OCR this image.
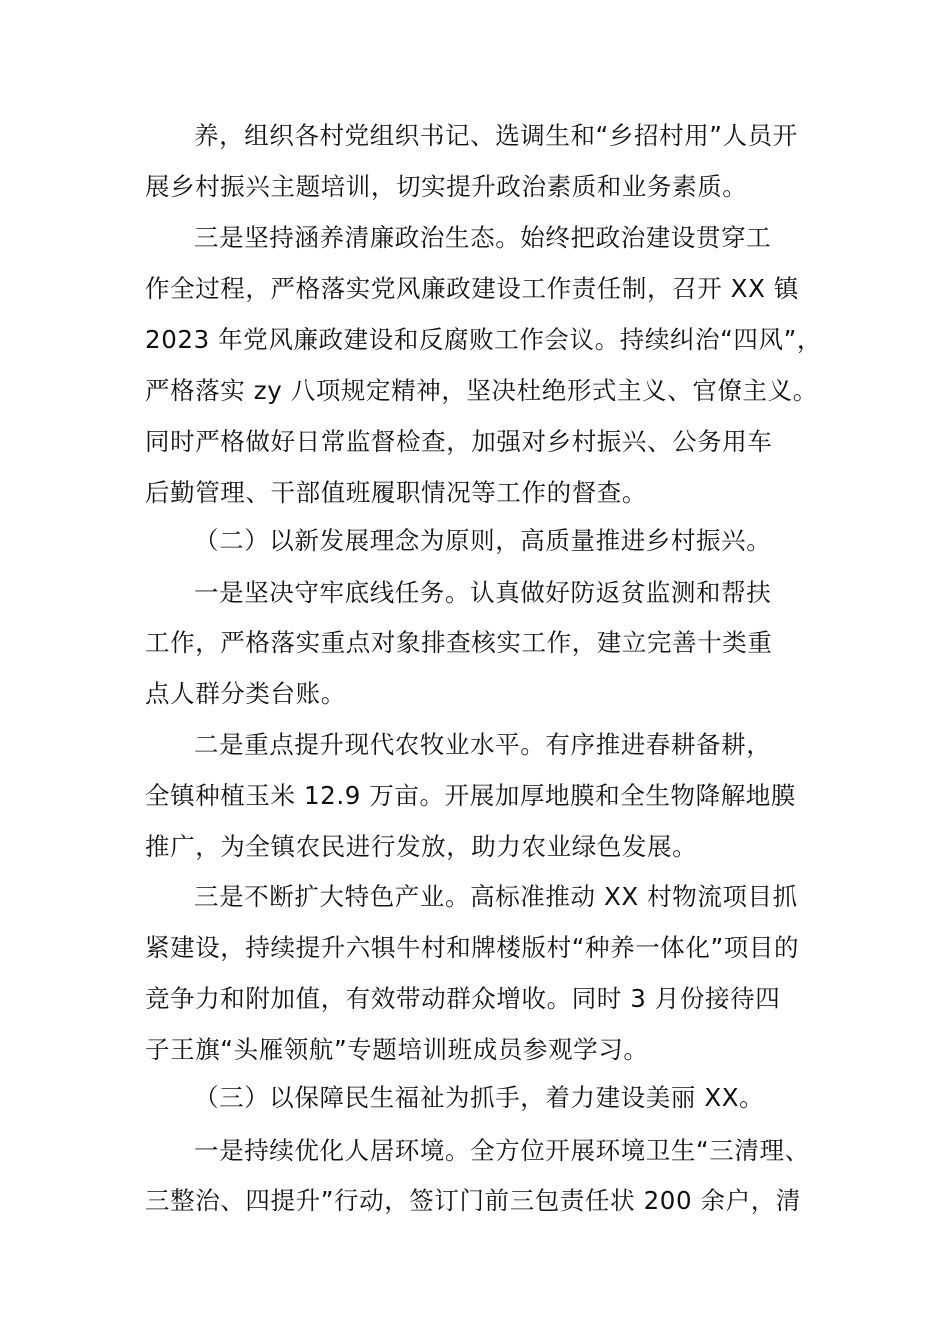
养，组织各村党组织书记、选调生和“乡招村用”人员开
展乡村振兴主题培训，切实提升政治素质和业务素质。
三是坚持涵养清廉政治生态。始终把政治建设贯穿工
作全过程，严格落实党风廉政建设工作责任制，召开 XX 镇
2023 年党风廉政建设和反腐败工作会议。持续纠治“四风”，
严格落实 zy 八项规定精神，坚决杜绝形式主义、官僚主义。
同时严格做好日常监督检查，加强对乡村振兴、公务用车
后勤管理、干部值班履职情况等工作的督查。
（二）以新发展理念为原则，高质量推进乡村振兴。
一是坚决守牢底线任务。认真做好防返贫监测和帮扶
工作，严格落实重点对象排查核实工作，建立完善十类重
点人群分类台账。
二是重点提升现代农牧业水平。有序推进春耕备耕，
全镇种植玉米 12.9 万亩。开展加厚地膜和全生物降解地膜
推广，为全镇农民进行发放，助力农业绿色发展。
三是不断扩大特色产业。高标准推动 XX 村物流项目抓
紧建设，持续提升六犋牛村和牌楼版村“种养一体化”项目的
竞争力和附加值，有效带动群众增收。同时 3 月份接待四
子王旗“头雁领航”专题培训班成员参观学习。
（三）以保障民生福祉为抓手，着力建设美丽 XX。
一是持续优化人居环境。全方位开展环境卫生“三清理、
三整治、四提升”行动，签订门前三包责任状 200 余户，清
